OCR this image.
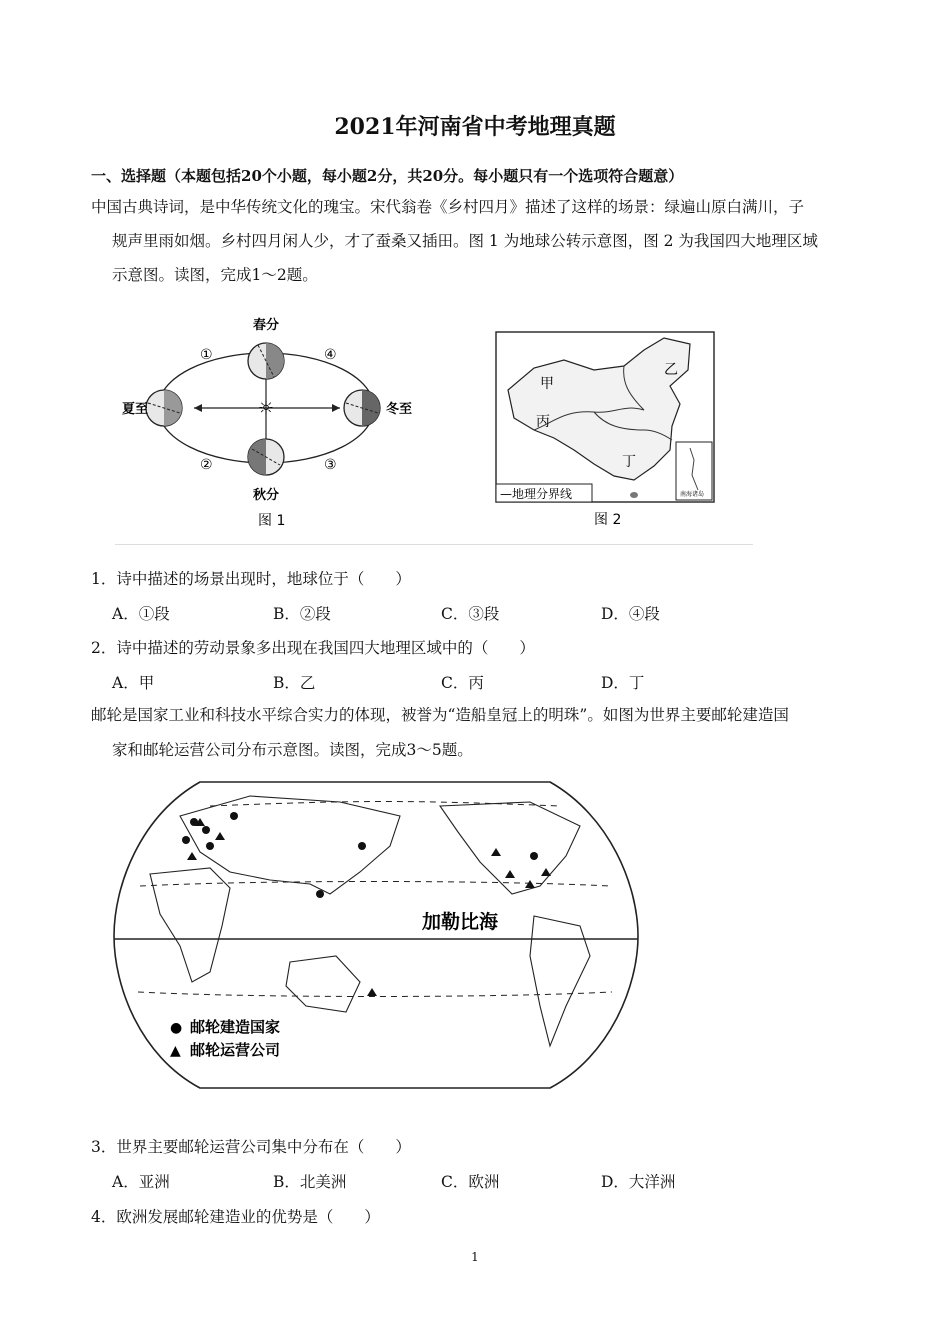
2021年河南省中考地理真题
一、选择题（本题包括20个小题，每小题2分，共20分。每小题只有一个选项符合题意）
中国古典诗词，是中华传统文化的瑰宝。宋代翁卷《乡村四月》描述了这样的场景：绿遍山原白满川，子
规声里雨如烟。乡村四月闲人少，才了蚕桑又插田。图 1 为地球公转示意图，图 2 为我国四大地理区域
示意图。读图，完成1～2题。
☼
春分
夏至	冬至
秋分
①	④
②	③
图 1
南海诸岛
甲
乙
丙
丁
—地理分界线
图 2
1．诗中描述的场景出现时，地球位于（　　）
A．①段	B．②段	C．③段	D．④段
2．诗中描述的劳动景象多出现在我国四大地理区域中的（　　）
A．甲	B．乙	C．丙	D．丁
邮轮是国家工业和科技水平综合实力的体现，被誉为“造船皇冠上的明珠”。如图为世界主要邮轮建造国
家和邮轮运营公司分布示意图。读图，完成3～5题。
加勒比海
● 邮轮建造国家
▲ 邮轮运营公司
3．世界主要邮轮运营公司集中分布在（　　）
A．亚洲	B．北美洲	C．欧洲	D．大洋洲
4．欧洲发展邮轮建造业的优势是（　　）
1
